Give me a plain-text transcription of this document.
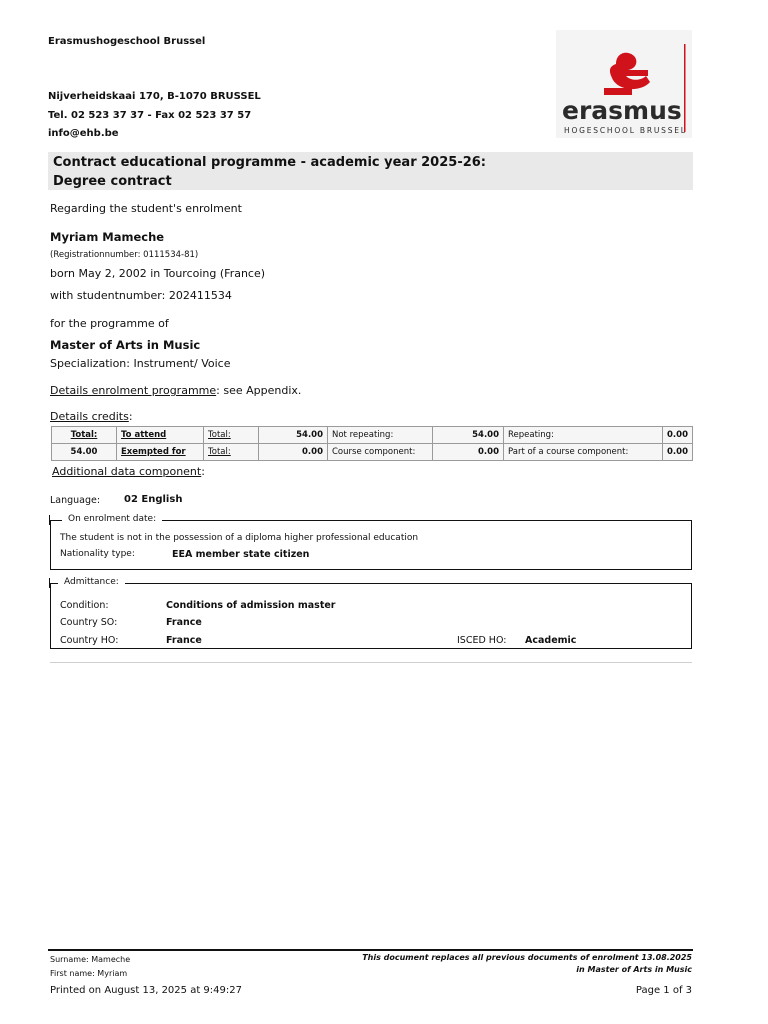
Erasmushogeschool Brussel
Nijverheidskaai 170, B-1070 BRUSSEL
Tel. 02 523 37 37 - Fax 02 523 37 57
info@ehb.be
erasmus
HOGESCHOOL BRUSSEL
Contract educational programme - academic year 2025-26:
Degree contract
Regarding the student's enrolment
Myriam Mameche
(Registrationnumber: 0111534-81)
born May 2, 2002 in Tourcoing (France)
with studentnumber: 202411534
for the programme of
Master of Arts in Music
Specialization: Instrument/ Voice
Details enrolment programme: see Appendix.
Details credits:
Total:	To attend	Total:	54.00	Not repeating:	54.00	Repeating:	0.00
54.00	Exempted for	Total:	0.00	Course component:	0.00	Part of a course component:	0.00
Additional data component:
Language: 02 English
On enrolment date:
The student is not in the possession of a diploma higher professional education
Nationality type:	EEA member state citizen
Admittance:
Condition:	Conditions of admission master
Country SO:	France
Country HO:	France	ISCED HO: Academic
Surname: Mameche
First name: Myriam
This document replaces all previous documents of enrolment 13.08.2025
in Master of Arts in Music
Printed on August 13, 2025 at 9:49:27	Page 1 of 3
